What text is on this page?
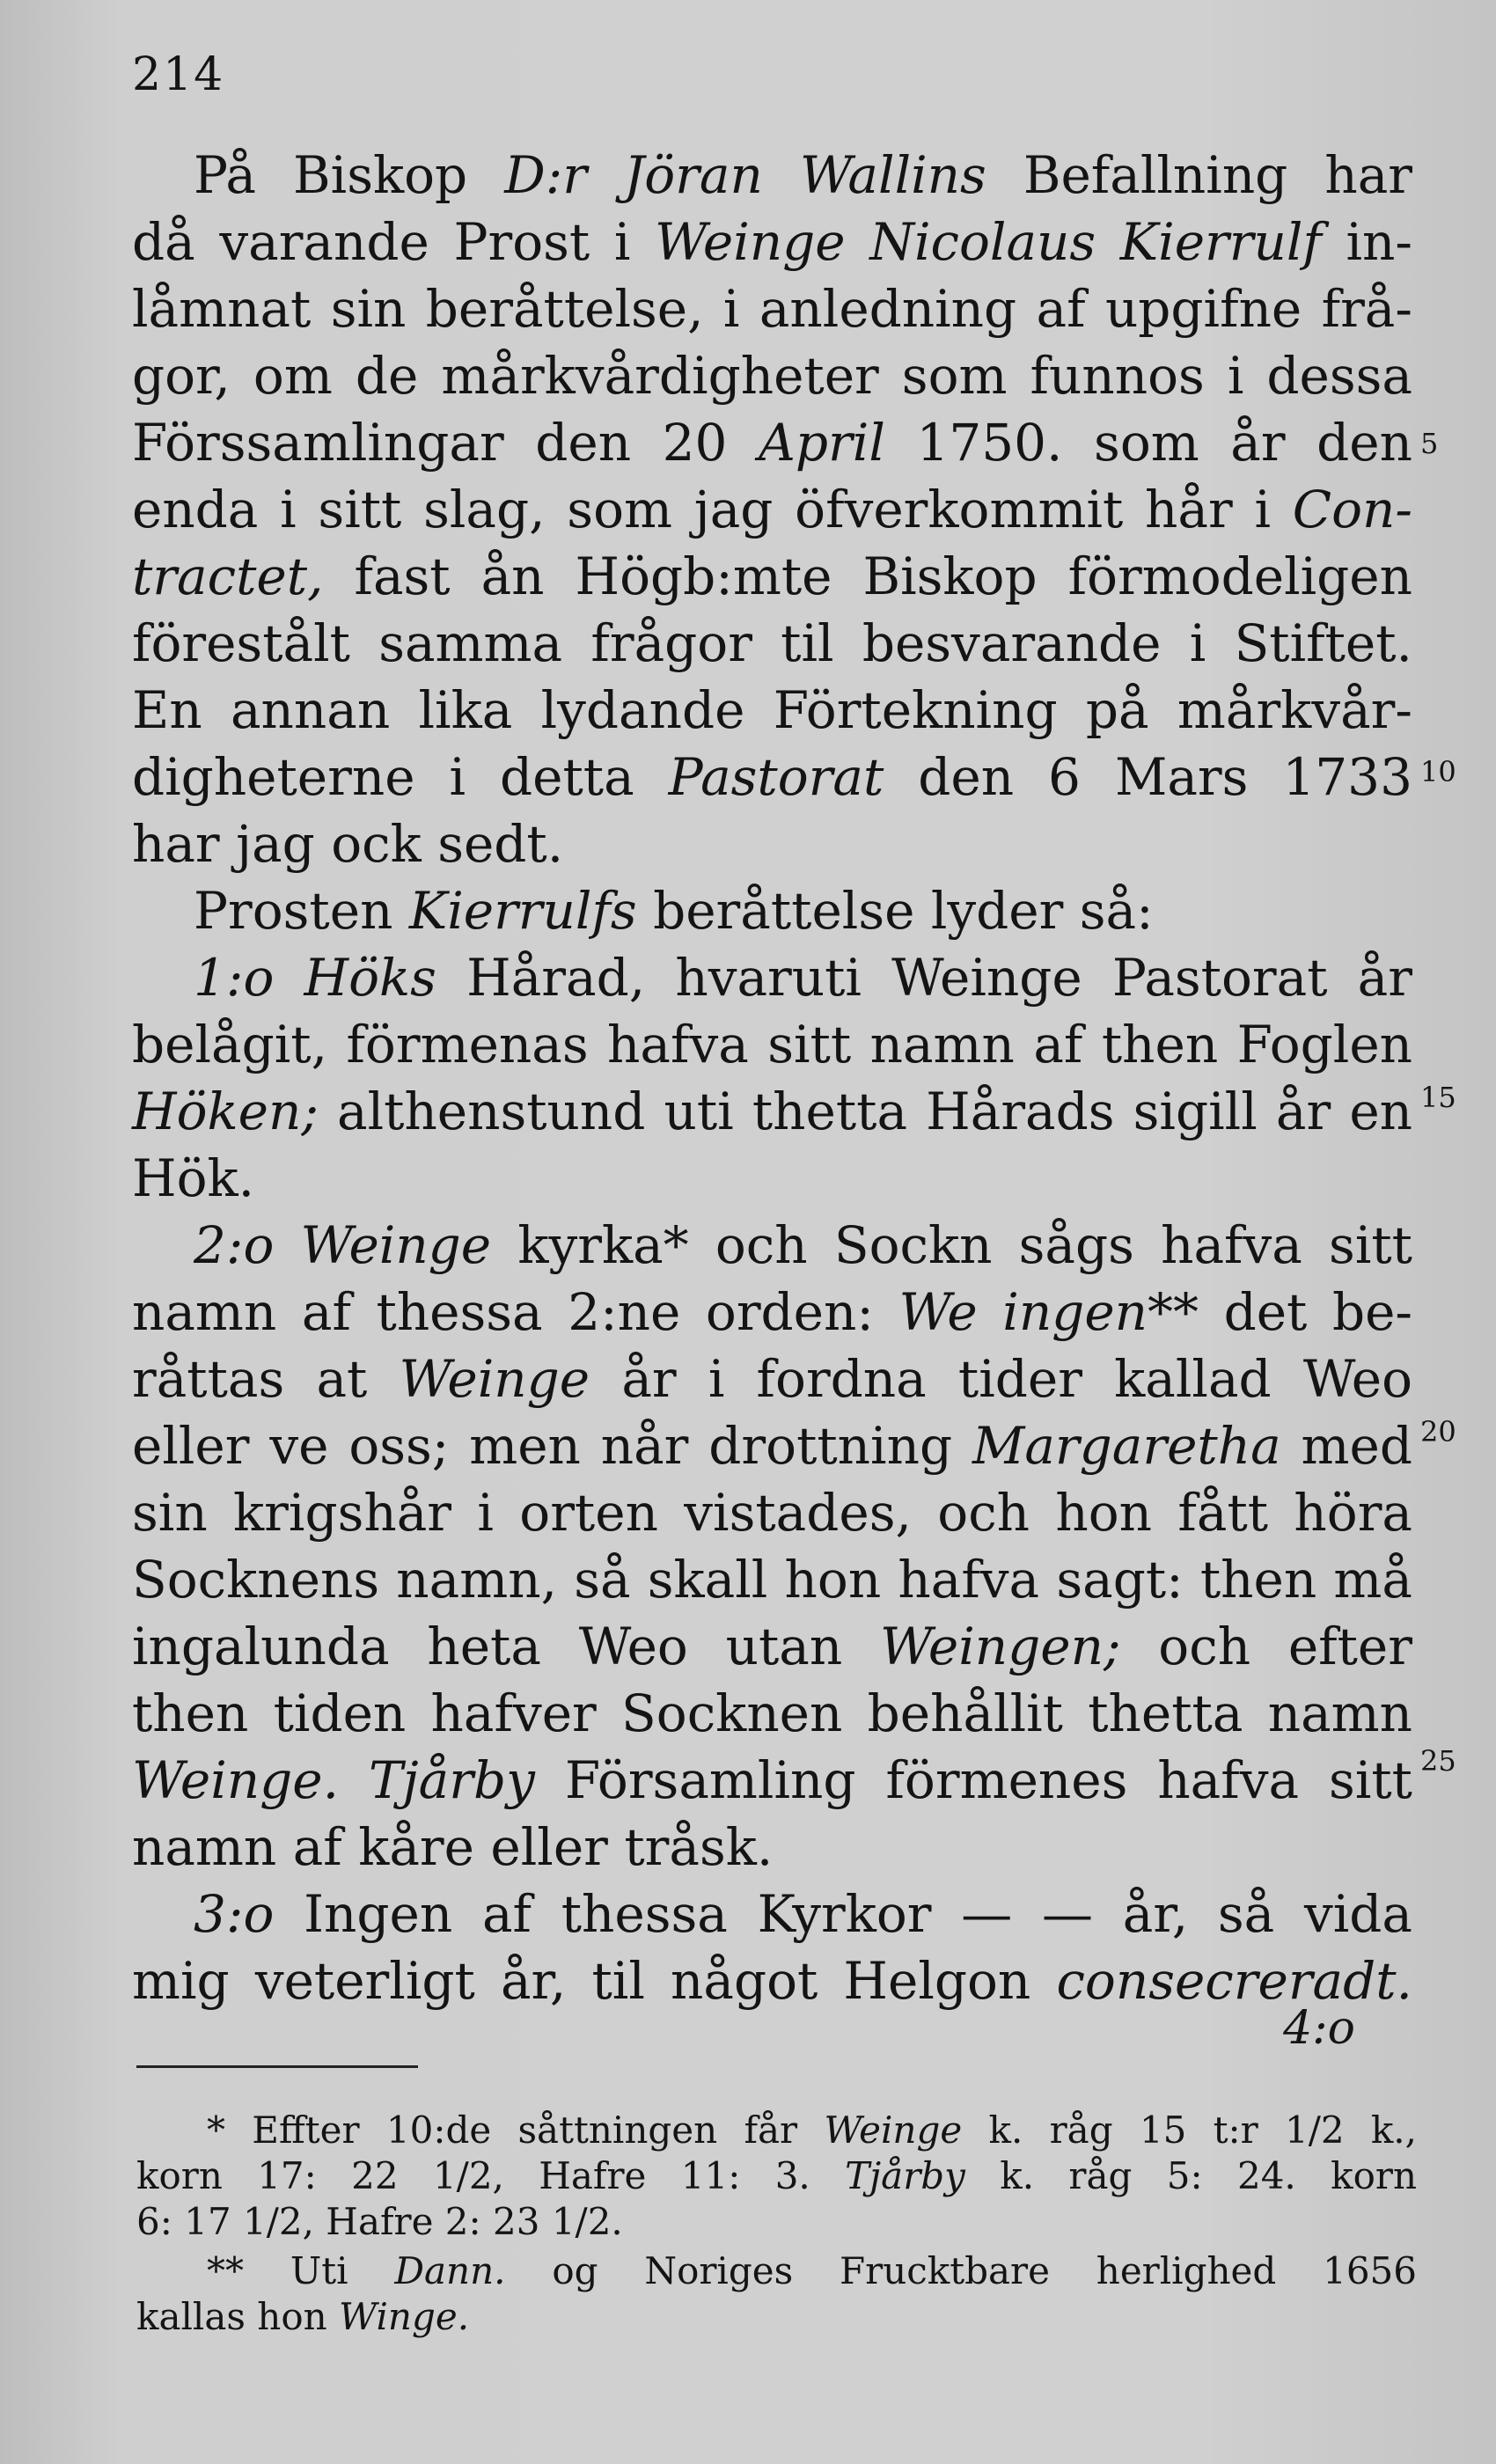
214
På Biskop D:r Jöran Wallins Befallning har
då varande Prost i Weinge Nicolaus Kierrulf in-
låmnat sin beråttelse, i anledning af upgifne frå-
gor, om de mårkvårdigheter som funnos i dessa
Förssamlingar den 20 April 1750. som år den 5
enda i sitt slag, som jag öfverkommit hår i Con-
tractet, fast ån Högb:mte Biskop förmodeligen
förestålt samma frågor til besvarande i Stiftet.
En annan lika lydande Förtekning på mårkvår-
digheterne i detta Pastorat den 6 Mars 1733 10
har jag ock sedt.
Prosten Kierrulfs beråttelse lyder så:
1:o Höks Hårad, hvaruti Weinge Pastorat år
belågit, förmenas hafva sitt namn af then Foglen
Höken; althenstund uti thetta Hårads sigill år en 15
Hök.
2:o Weinge kyrka* och Sockn sågs hafva sitt
namn af thessa 2:ne orden: We ingen** det be-
råttas at Weinge år i fordna tider kallad Weo
eller ve oss; men når drottning Margaretha med 20
sin krigshår i orten vistades, och hon fått höra
Socknens namn, så skall hon hafva sagt: then må
ingalunda heta Weo utan Weingen; och efter
then tiden hafver Socknen behållit thetta namn
Weinge. Tjårby Församling förmenes hafva sitt 25
namn af kåre eller tråsk.
3:o Ingen af thessa Kyrkor — — år, så vida
mig veterligt år, til något Helgon consecreradt.
4:o
* Effter 10:de såttningen får Weinge k. råg 15 t:r 1/2 k.,
korn 17: 22 1/2, Hafre 11: 3. Tjårby k. råg 5: 24. korn
6: 17 1/2, Hafre 2: 23 1/2.
** Uti Dann. og Noriges Frucktbare herlighed 1656
kallas hon Winge.
